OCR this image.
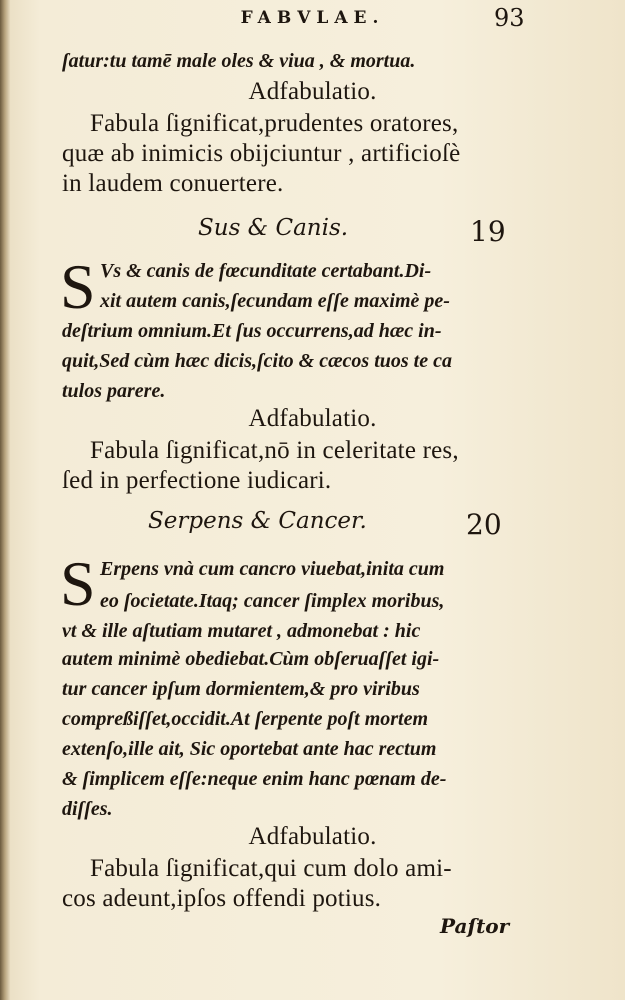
FABVLAE.	93
ſatur:tu tamē male oles & viua , & mortua.
Adfabulatio.
Fabula ſignificat,prudentes oratores,
quæ ab inimicis obijciuntur , artificioſè
in laudem conuertere.
Sus & Canis.	19
S Vs & canis de fœcunditate certabant.Di-
xit autem canis,ſecundam eſſe maximè pe-
deſtrium omnium.Et ſus occurrens,ad hæc in-
quit,Sed cùm hæc dicis,ſcito & cæcos tuos te ca
tulos parere.
Adfabulatio.
Fabula ſignificat,nō in celeritate res,
ſed in perfectione iudicari.
Serpens & Cancer.	20
S Erpens vnà cum cancro viuebat,inita cum
eo ſocietate.Itaq; cancer ſimplex moribus,
vt & ille aſtutiam mutaret , admonebat : hic
autem minimè obediebat.Cùm obſeruaſſet igi-
tur cancer ipſum dormientem,& pro viribus
compreßiſſet,occidit.At ſerpente poſt mortem
extenſo,ille ait, Sic oportebat ante hac rectum
& ſimplicem eſſe:neque enim hanc pœnam de-
diſſes.
Adfabulatio.
Fabula ſignificat,qui cum dolo ami-
cos adeunt,ipſos offendi potius.
Paſtor
